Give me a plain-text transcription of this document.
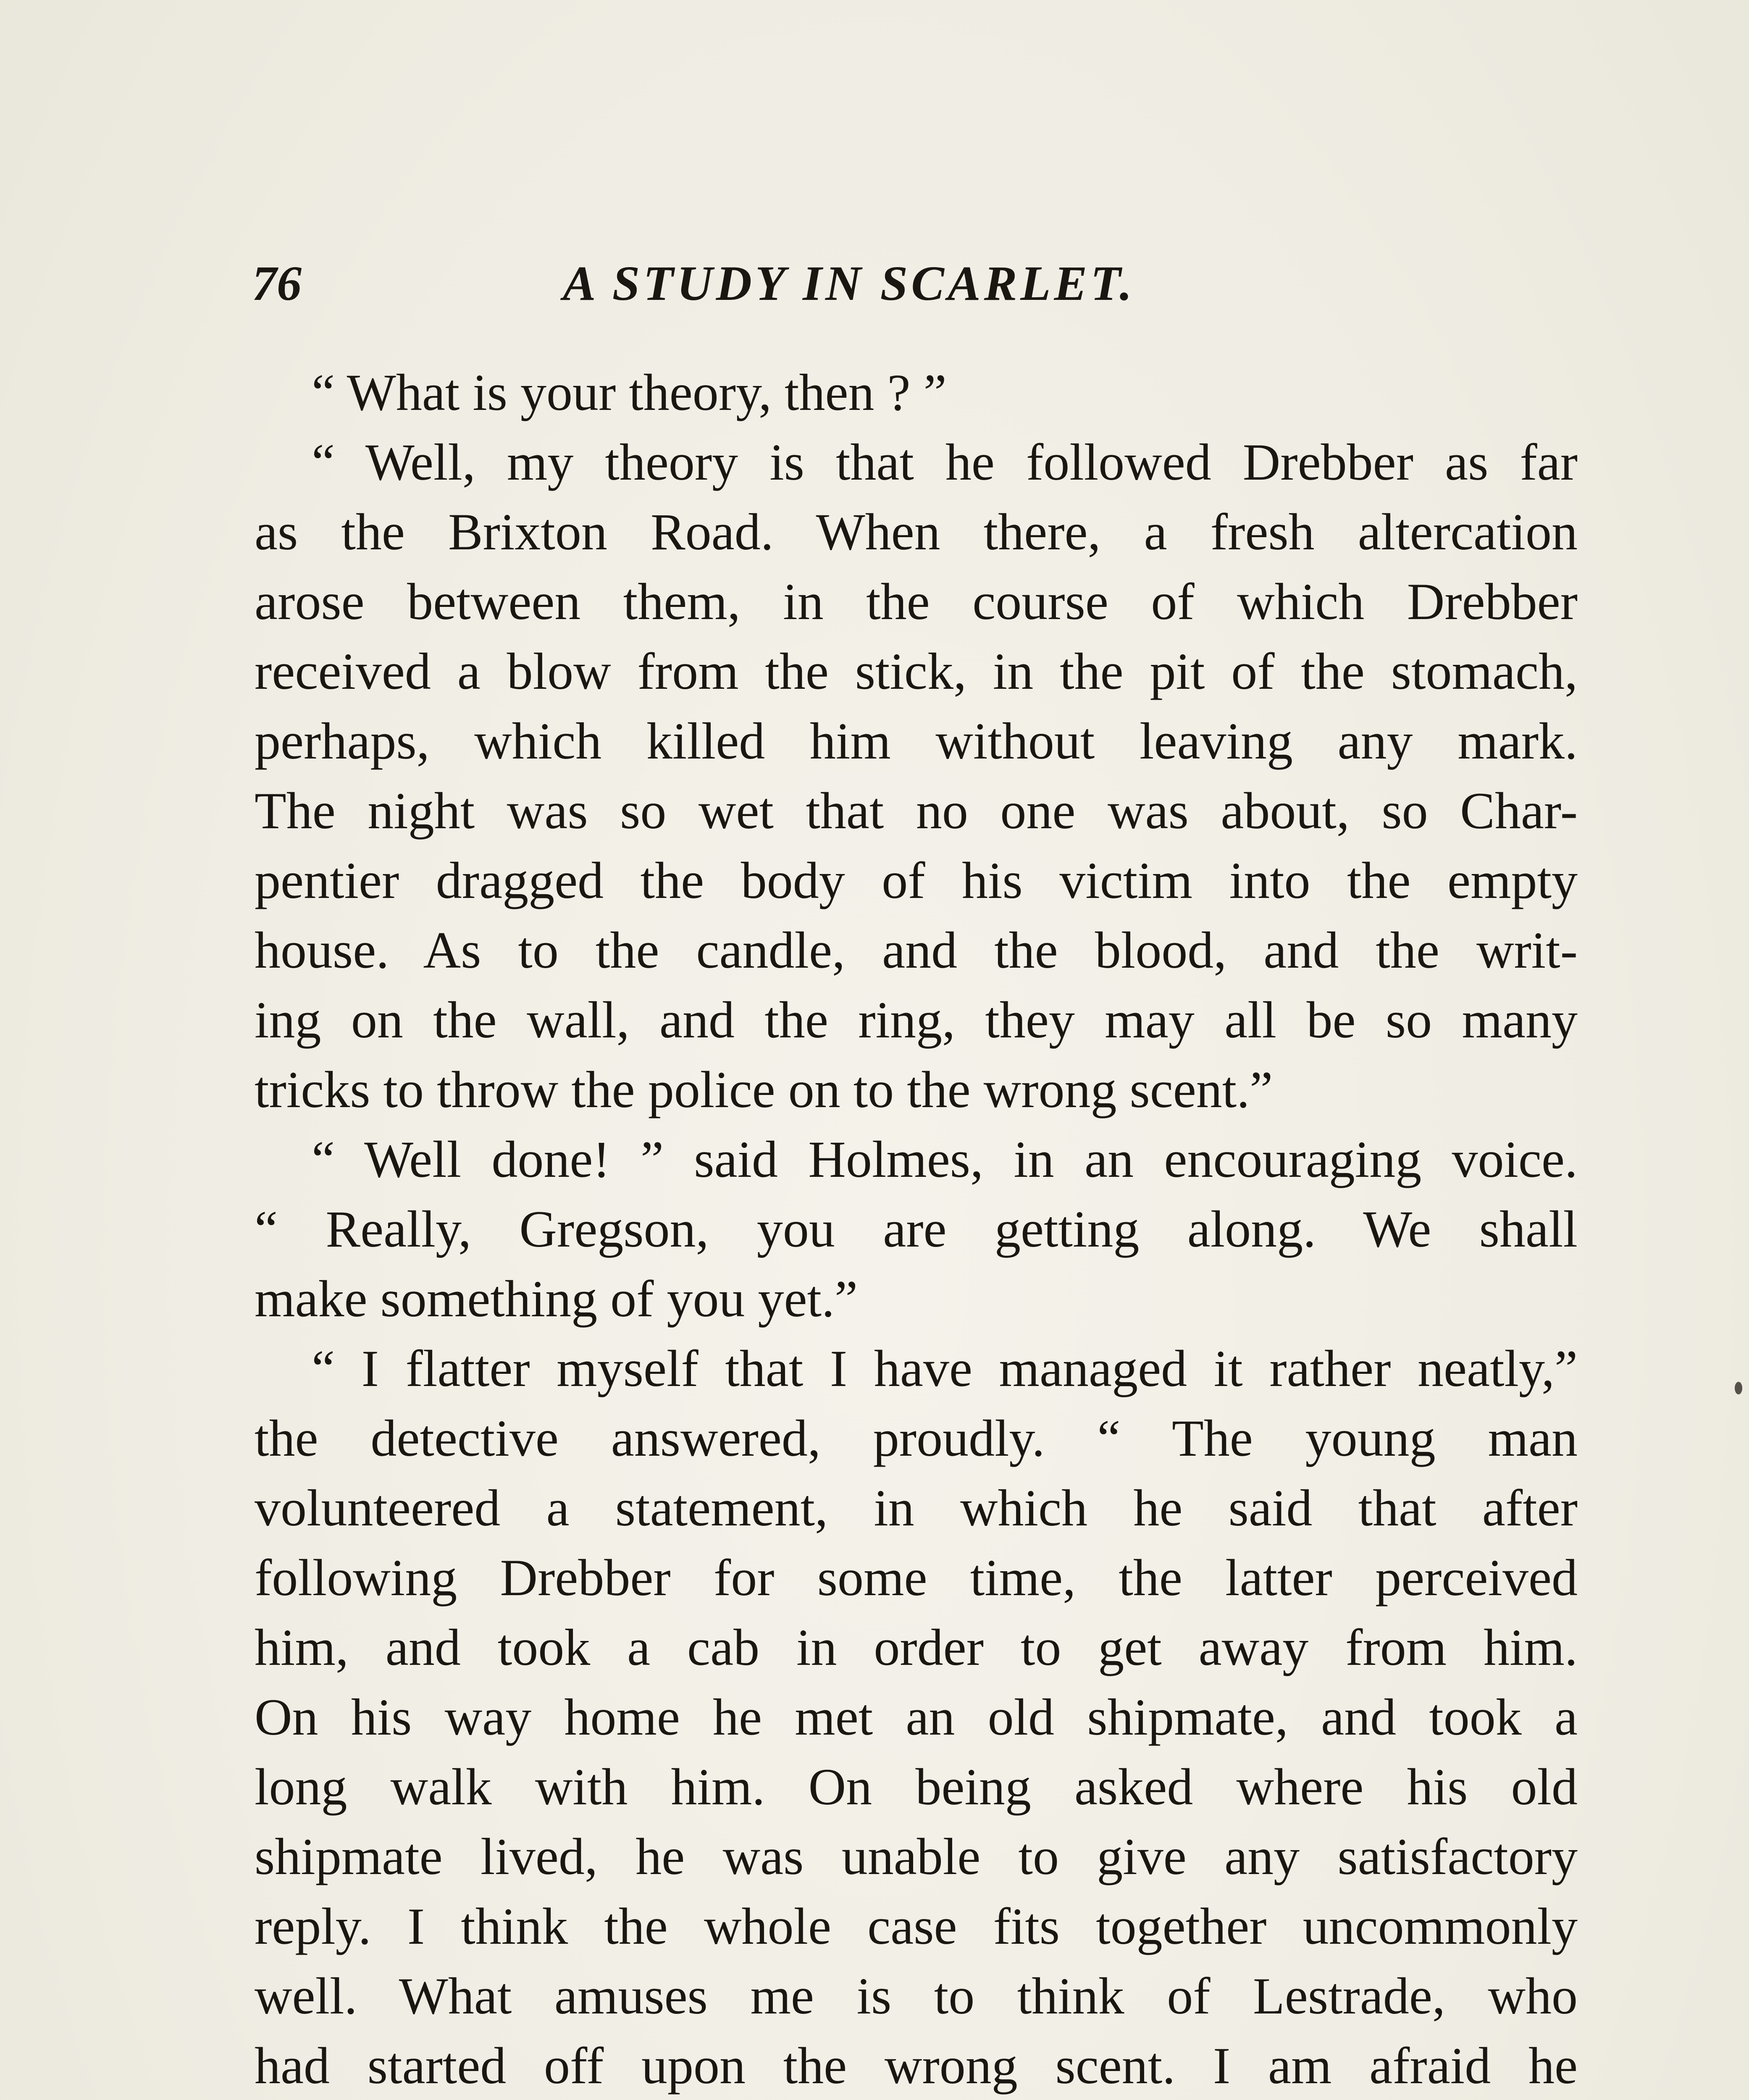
76	A STUDY IN SCARLET.
“ What is your theory, then ? ”
“ Well, my theory is that he followed Drebber as far
as the Brixton Road. When there, a fresh altercation
arose between them, in the course of which Drebber
received a blow from the stick, in the pit of the stomach,
perhaps, which killed him without leaving any mark.
The night was so wet that no one was about, so Char-
pentier dragged the body of his victim into the empty
house. As to the candle, and the blood, and the writ-
ing on the wall, and the ring, they may all be so many
tricks to throw the police on to the wrong scent.”
“ Well done! ” said Holmes, in an encouraging voice.
“ Really, Gregson, you are getting along. We shall
make something of you yet.”
“ I flatter myself that I have managed it rather neatly,”
the detective answered, proudly. “ The young man
volunteered a statement, in which he said that after
following Drebber for some time, the latter perceived
him, and took a cab in order to get away from him.
On his way home he met an old shipmate, and took a
long walk with him. On being asked where his old
shipmate lived, he was unable to give any satisfactory
reply. I think the whole case fits together uncommonly
well. What amuses me is to think of Lestrade, who
had started off upon the wrong scent. I am afraid he
